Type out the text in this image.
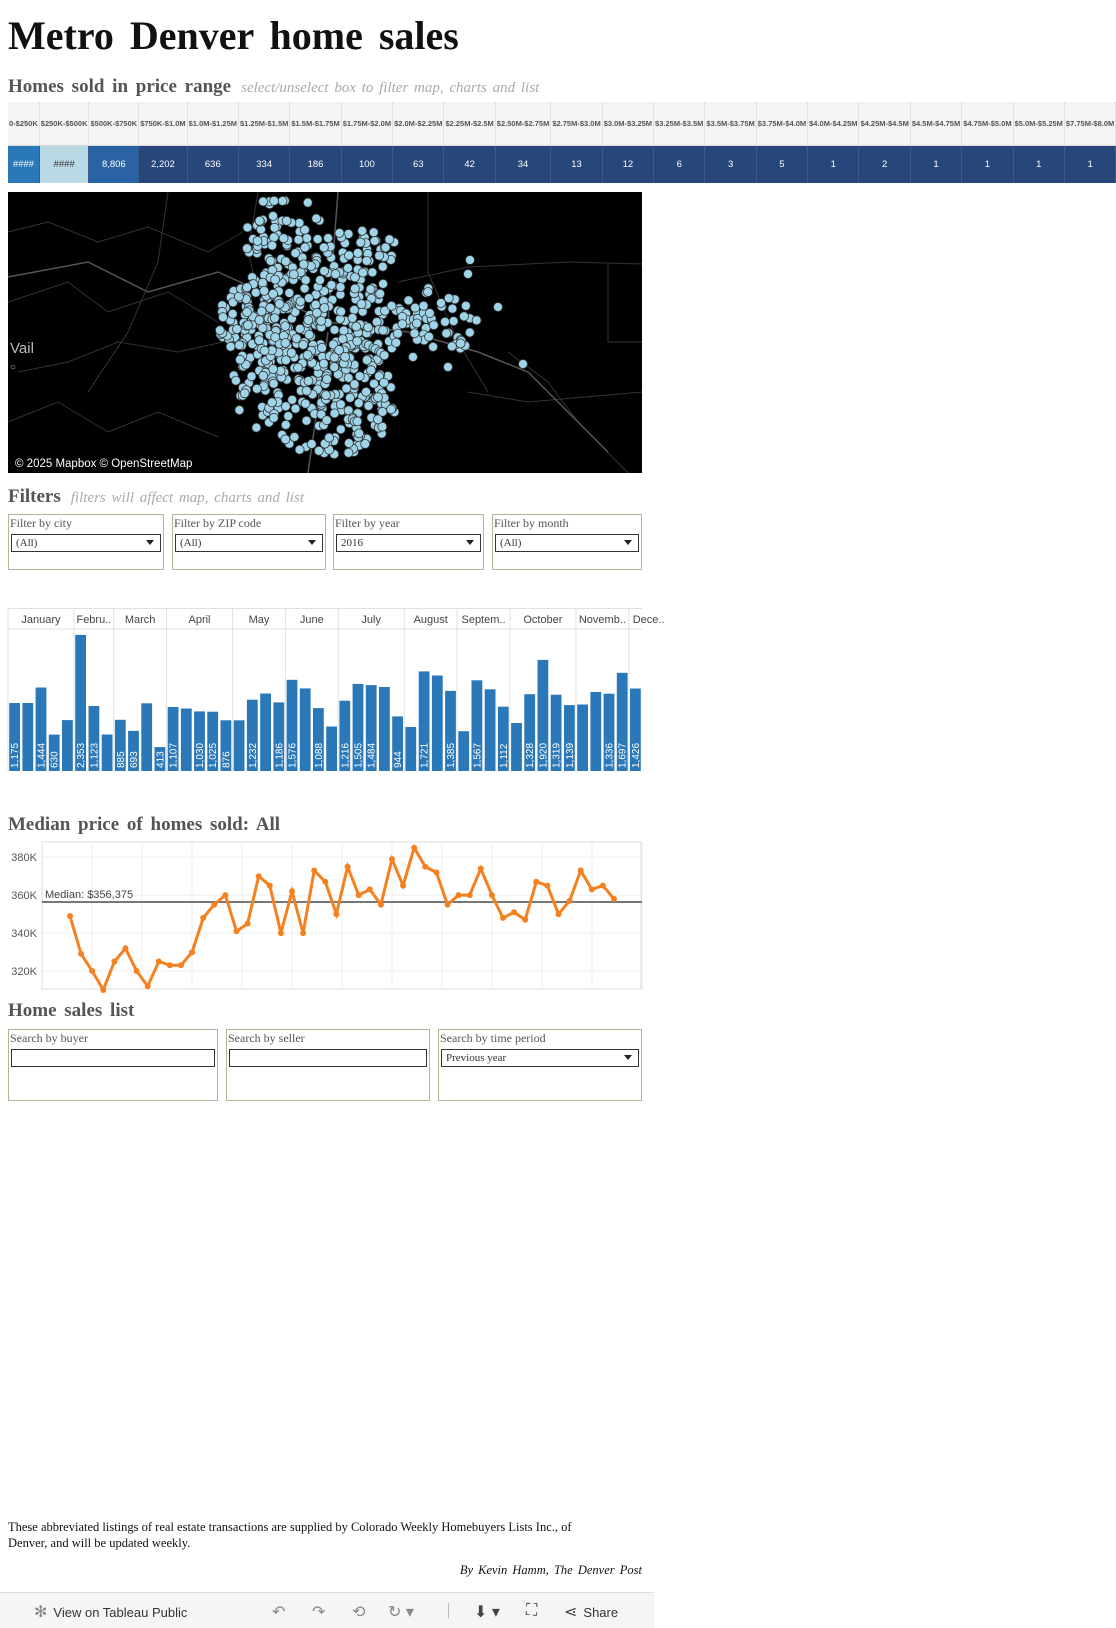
Metro Denver home sales
Homes sold in price range select/unselect box to filter map, charts and list
0-$250K
####
$250K-$500K
####
$500K-$750K
8,806
$750K-$1.0M
2,202
$1.0M-$1.25M
636
$1.25M-$1.5M
334
$1.5M-$1.75M
186
$1.75M-$2.0M
100
$2.0M-$2.25M
63
$2.25M-$2.5M
42
$2.50M-$2.75M
34
$2.75M-$3.0M
13
$3.0M-$3.25M
12
$3.25M-$3.5M
6
$3.5M-$3.75M
3
$3.75M-$4.0M
5
$4.0M-$4.25M
1
$4.25M-$4.5M
2
$4.5M-$4.75M
1
$4.75M-$5.0M
1
$5.0M-$5.25M
1
$7.75M-$8.0M
1
Vail
○
© 2025 Mapbox © OpenStreetMap
Filters filters will affect map, charts and list
Filter by city
(All)
Filter by ZIP code
(All)
Filter by year
2016
Filter by month
(All)
January Febru.. March	April	May	June	July	August Septem.. October Novemb.. Dece..
1,175 1,444 630 2,353 1,123 885 693 413 1,107 1,030 1,025 876 1,232 1,186 1,576 1,088 1,216 1,505 1,484 944 1,721 1,385 1,567 1,112 1,328 1,920 1,319 1,139	1,336 1,697 1,426
Median price of homes sold: All
320K
340K
360K
380K
Median: $356,375
Home sales list
Search by buyer	Search by seller	Search by time period
Previous year
These abbreviated listings of real estate transactions are supplied by Colorado Weekly Homebuyers Lists Inc., of Denver, and will be updated weekly.
By Kevin Hamm, The Denver Post
✻ View on Tableau Public	↶ ↷ ⟲ ↻ ▾	⬇ ▾ ⛶ ⋖ Share
